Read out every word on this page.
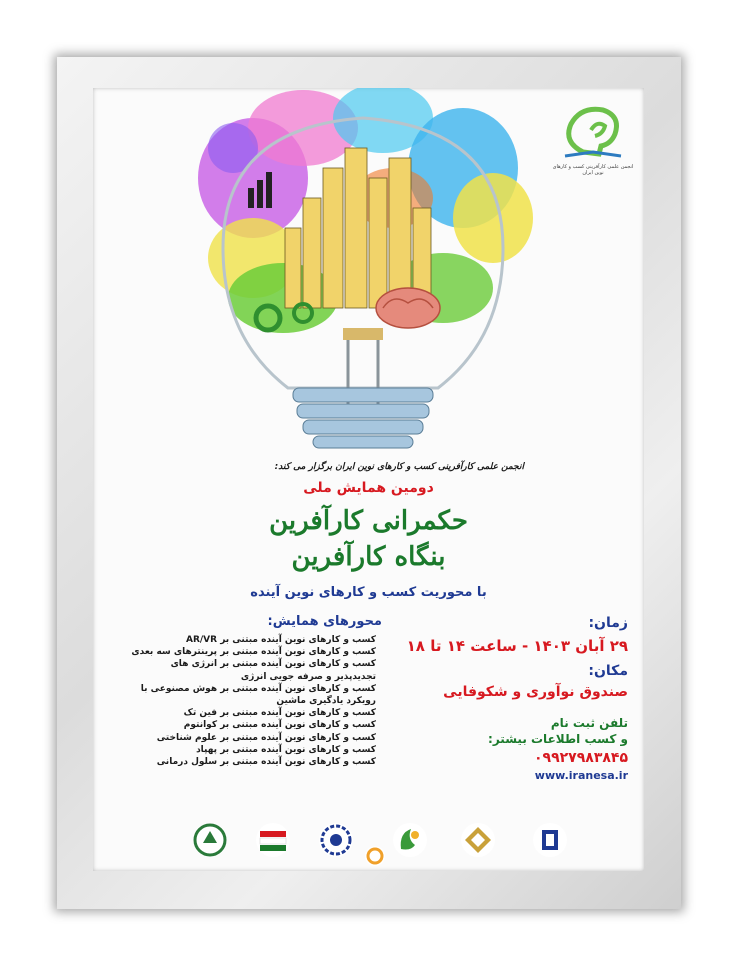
انجمن علمی کارآفرینی کسب و کارهای نوین ایران
انجمن علمی کارآفرینی کسب و کارهای نوین ایران برگزار می کند:
دومین همایش ملی
حکمرانی کارآفرین
بنگاه کارآفرین
با محوریت کسب و کارهای نوین آینده
محورهای همایش:
کسب و کارهای نوین آینده مبتنی بر AR/VR
کسب و کارهای نوین آینده مبتنی بر پرینترهای سه بعدی
کسب و کارهای نوین آینده مبتنی بر انرژی های
تجدیدپذیر و صرفه جویی انرژی
کسب و کارهای نوین آینده مبتنی بر هوش مصنوعی با
رویکرد یادگیری ماشین
کسب و کارهای نوین آینده مبتنی بر فین تک
کسب و کارهای نوین آینده مبتنی بر کوانتوم
کسب و کارهای نوین آینده مبتنی بر علوم شناختی
کسب و کارهای نوین آینده مبتنی بر پهپاد
کسب و کارهای نوین آینده مبتنی بر سلول درمانی
زمان:
۲۹ آبان ۱۴۰۳ - ساعت ۱۴ تا ۱۸
مکان:
صندوق نوآوری و شکوفایی
تلفن ثبت نام
و کسب اطلاعات بیشتر:
۰۹۹۲۷۹۸۳۸۴۵
www.iranesa.ir
